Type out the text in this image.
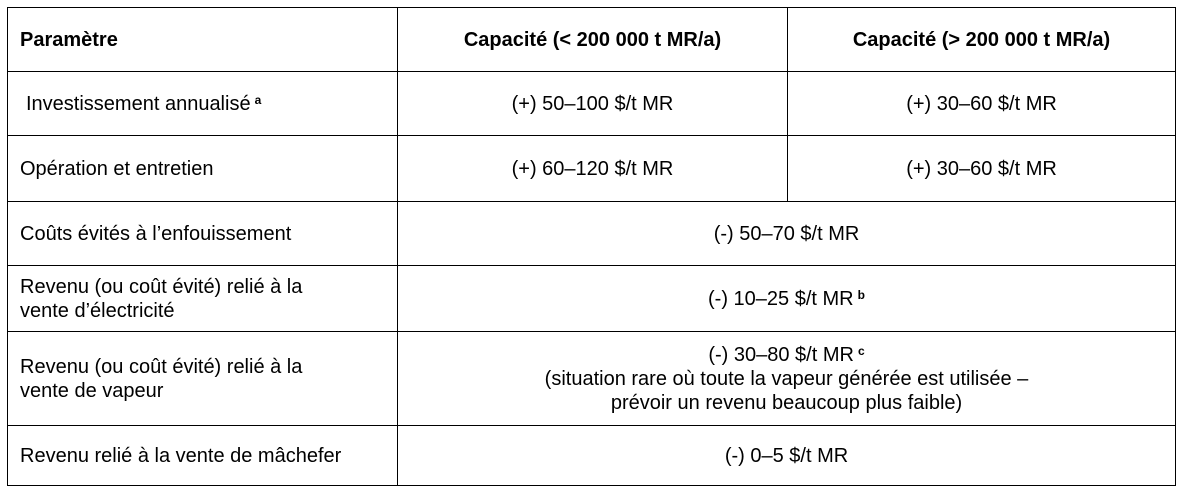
Paramètre	Capacité (< 200 000 t MR/a)	Capacité (> 200 000 t MR/a)
Investissement annualisé $^a$	(+) 50–100 $/t MR	(+) 30–60 $/t MR
Opération et entretien	(+) 60–120 $/t MR	(+) 30–60 $/t MR
Coûts évités à l’enfouissement	(-) 50–70 $/t MR	

Revenu (ou coût évité) relié à la
vente d’électricité	(-) 10–25 $/t MR $^b$

Revenu (ou coût évité) relié à la
vente de vapeur	(-) 30–80 $/t MR $^c$
(situation rare où toute la vapeur générée est utilisée –
prévoir un revenu beaucoup plus faible)	

Revenu relié à la vente de mâchefer	(-) 0–5 $/t MR	
